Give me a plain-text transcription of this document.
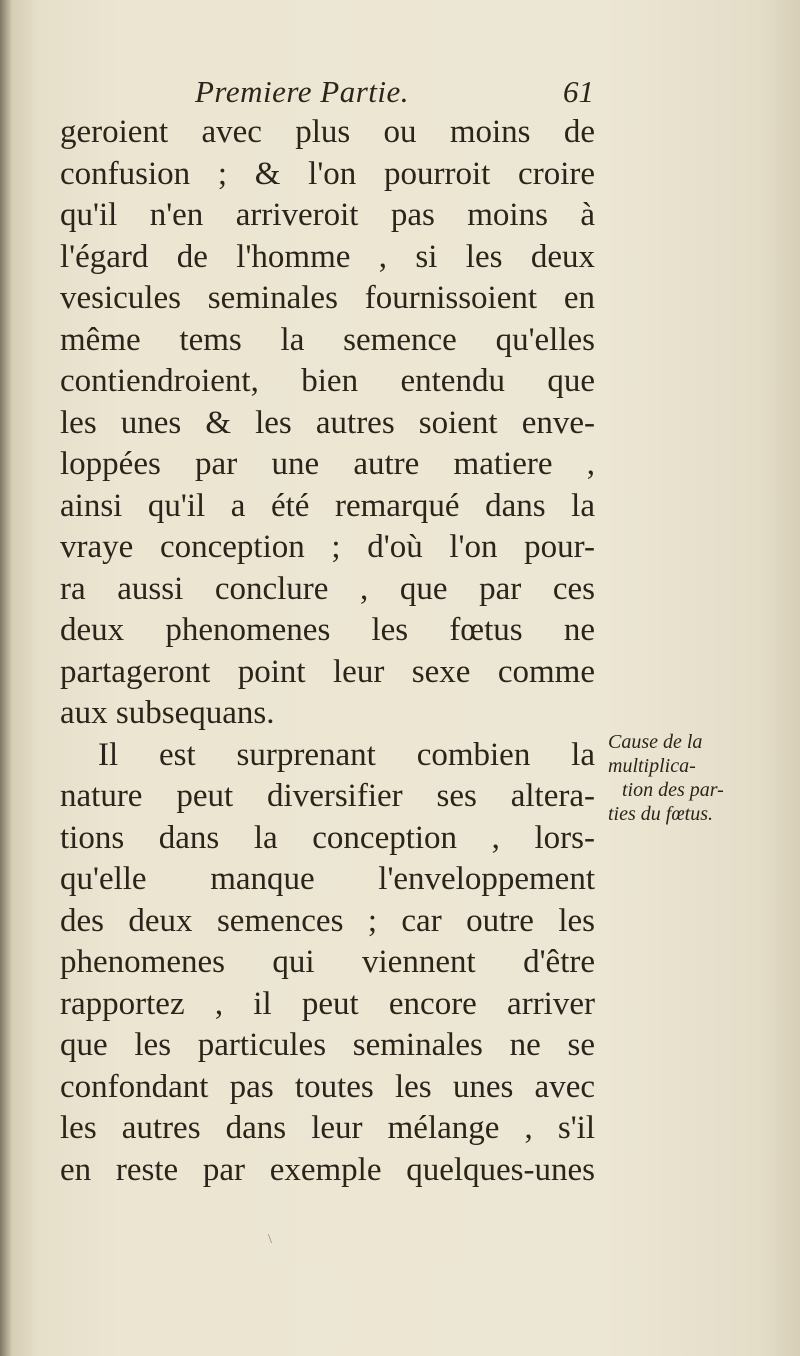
Premiere Partie.	61
geroient avec plus ou moins de
confusion ; & l'on pourroit croire
qu'il n'en arriveroit pas moins à
l'égard de l'homme , si les deux
vesicules seminales fournissoient en
même tems la semence qu'elles
contiendroient, bien entendu que
les unes & les autres soient enve-
loppées par une autre matiere ,
ainsi qu'il a été remarqué dans la
vraye conception ; d'où l'on pour-
ra aussi conclure , que par ces
deux phenomenes les fœtus ne
partageront point leur sexe comme
aux subsequans.
Il est surprenant combien la
nature peut diversifier ses altera-
tions dans la conception , lors-
qu'elle manque l'enveloppement
des deux semences ; car outre les
phenomenes qui viennent d'être
rapportez , il peut encore arriver
que les particules seminales ne se
confondant pas toutes les unes avec
les autres dans leur mélange , s'il
en reste par exemple quelques-unes
Cause de la
multiplica-
tion des par-
ties du fœtus.
\
